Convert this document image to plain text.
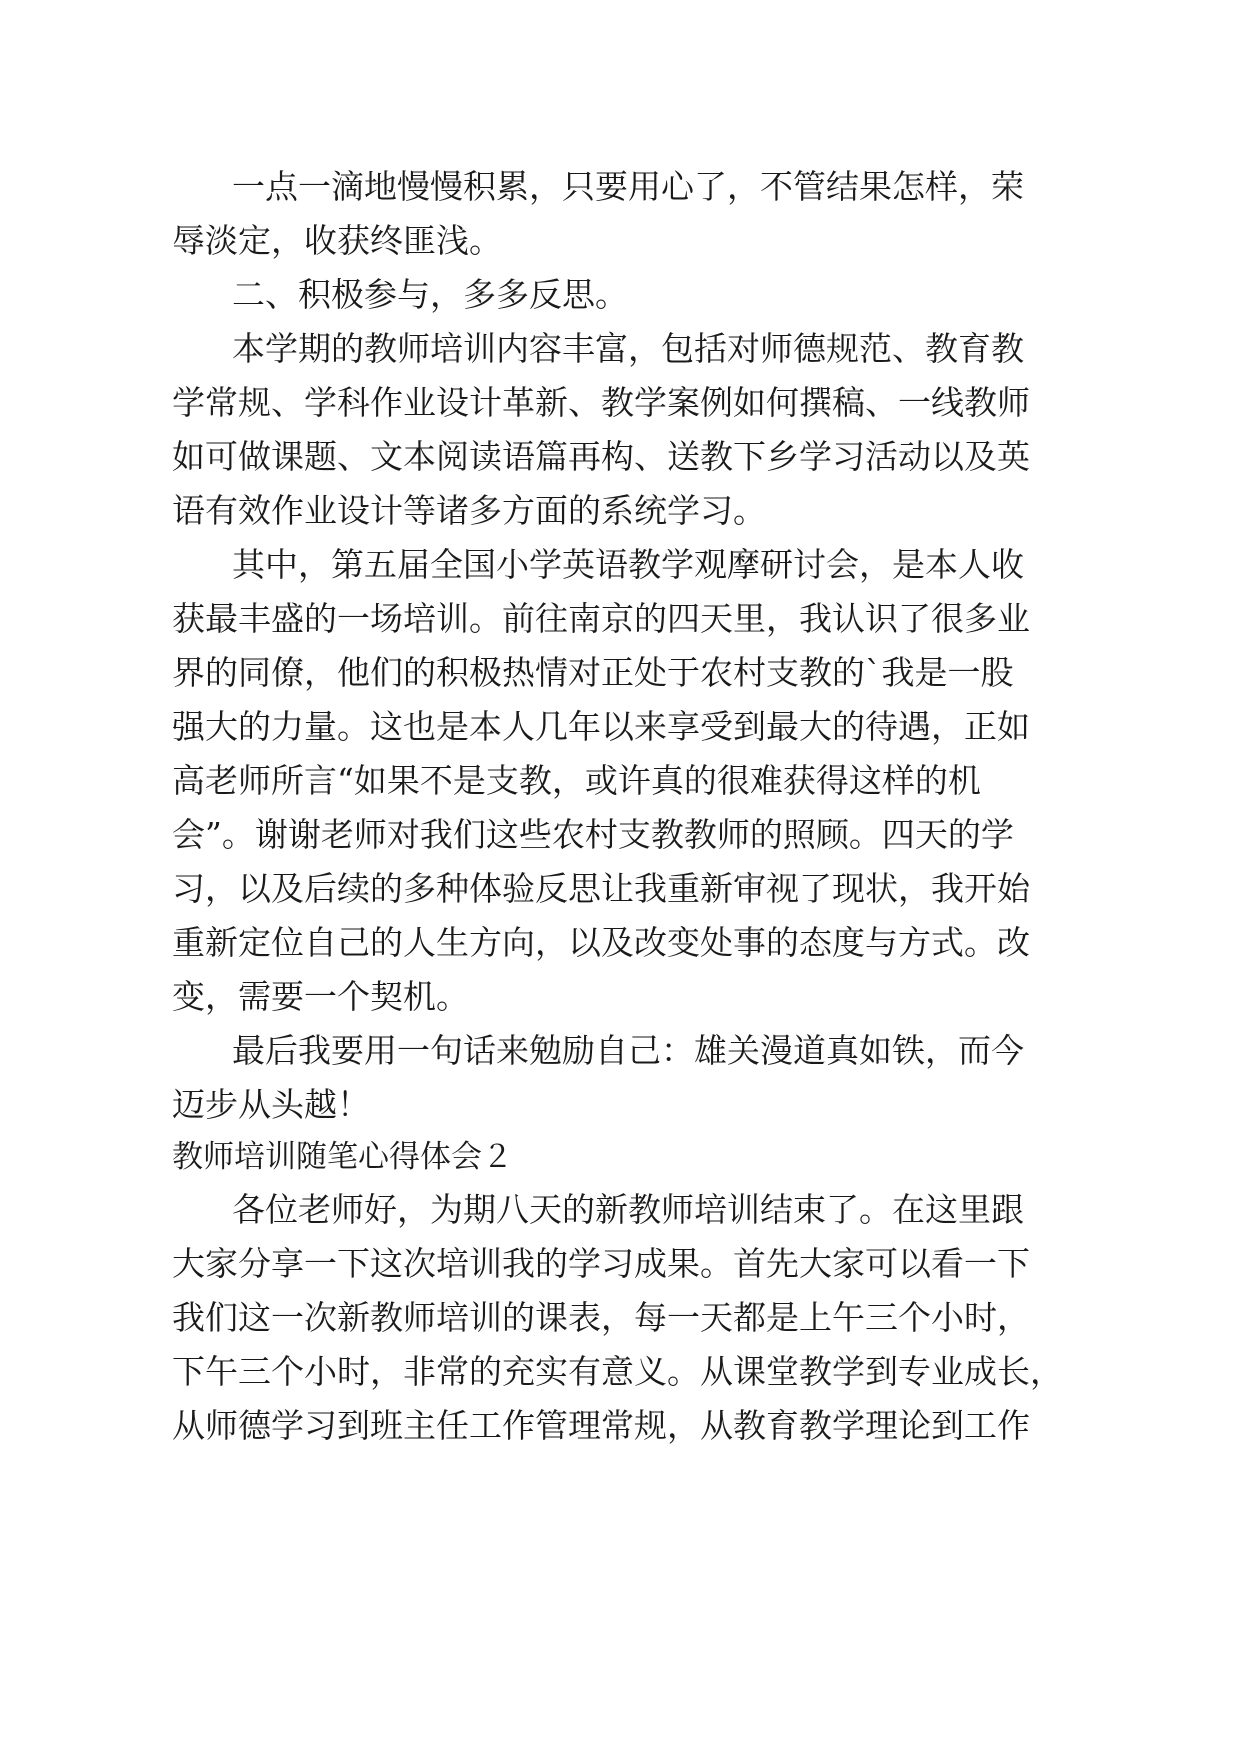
一点一滴地慢慢积累，只要用心了，不管结果怎样，荣
辱淡定，收获终匪浅。
二、积极参与，多多反思。
本学期的教师培训内容丰富，包括对师德规范、教育教
学常规、学科作业设计革新、教学案例如何撰稿、一线教师
如可做课题、文本阅读语篇再构、送教下乡学习活动以及英
语有效作业设计等诸多方面的系统学习。
其中，第五届全国小学英语教学观摩研讨会，是本人收
获最丰盛的一场培训。前往南京的四天里，我认识了很多业
界的同僚，他们的积极热情对正处于农村支教的`我是一股
强大的力量。这也是本人几年以来享受到最大的待遇，正如
高老师所言“如果不是支教，或许真的很难获得这样的机
会”。谢谢老师对我们这些农村支教教师的照顾。四天的学
习，以及后续的多种体验反思让我重新审视了现状，我开始
重新定位自己的人生方向，以及改变处事的态度与方式。改
变，需要一个契机。
最后我要用一句话来勉励自己：雄关漫道真如铁，而今
迈步从头越！
教师培训随笔心得体会２
各位老师好，为期八天的新教师培训结束了。在这里跟
大家分享一下这次培训我的学习成果。首先大家可以看一下
我们这一次新教师培训的课表，每一天都是上午三个小时，
下午三个小时，非常的充实有意义。从课堂教学到专业成长，
从师德学习到班主任工作管理常规，从教育教学理论到工作
